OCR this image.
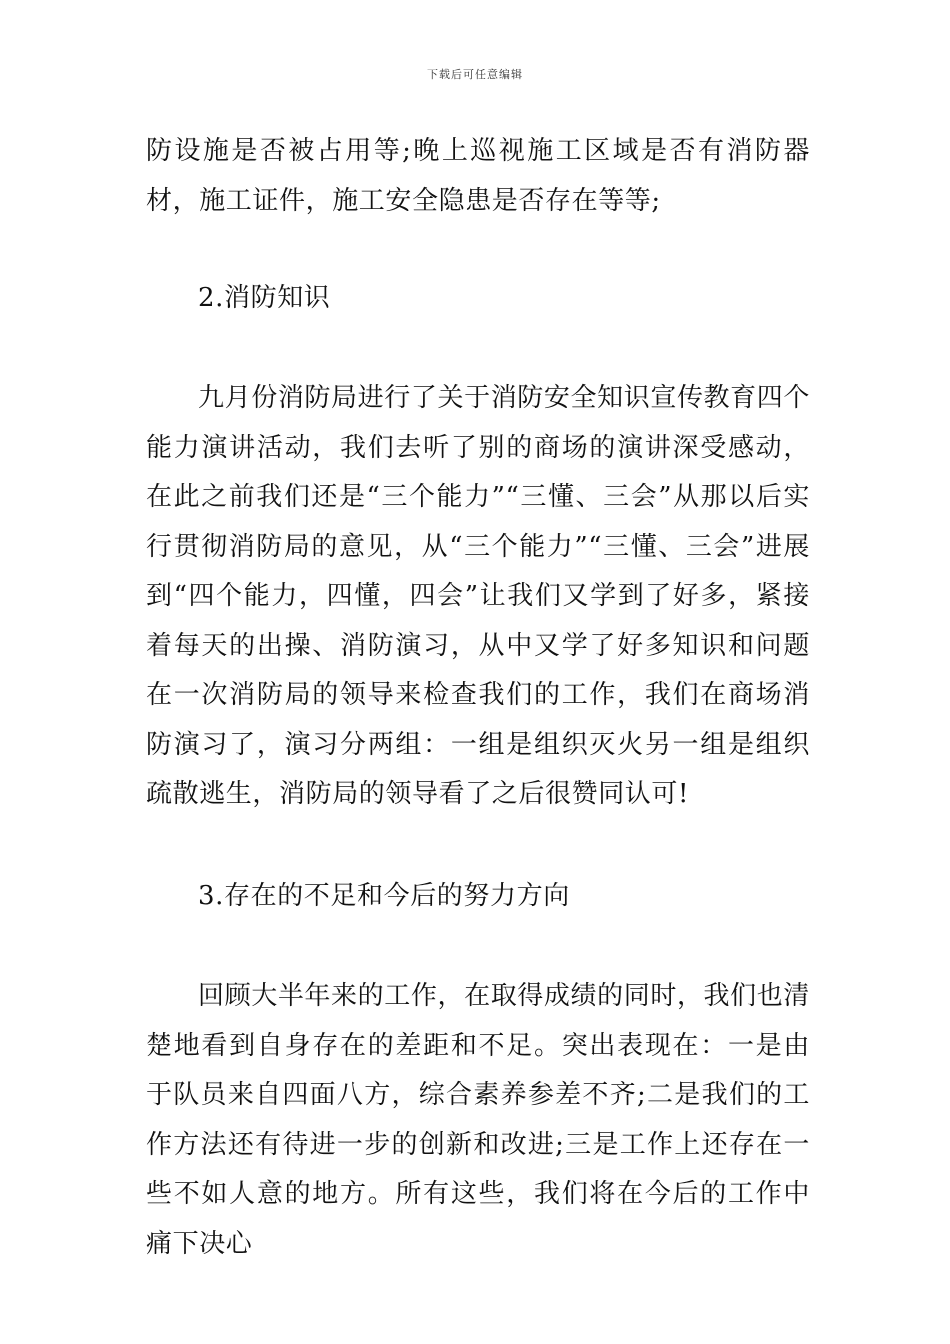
下载后可任意编辑

防设施是否被占用等;晚上巡视施工区域是否有消防器材，施工证件，施工安全隐患是否存在等等;

2.消防知识

九月份消防局进行了关于消防安全知识宣传教育四个能力演讲活动，我们去听了别的商场的演讲深受感动，在此之前我们还是“三个能力”“三懂、三会”从那以后实行贯彻消防局的意见，从“三个能力”“三懂、三会”进展到“四个能力，四懂，四会”让我们又学到了好多，紧接着每天的出操、消防演习，从中又学了好多知识和问题在一次消防局的领导来检查我们的工作，我们在商场消防演习了，演习分两组：一组是组织灭火另一组是组织疏散逃生，消防局的领导看了之后很赞同认可!

3.存在的不足和今后的努力方向

回顾大半年来的工作，在取得成绩的同时，我们也清楚地看到自身存在的差距和不足。突出表现在：一是由于队员来自四面八方，综合素养参差不齐;二是我们的工作方法还有待进一步的创新和改进;三是工作上还存在一些不如人意的地方。所有这些，我们将在今后的工作中痛下决心
